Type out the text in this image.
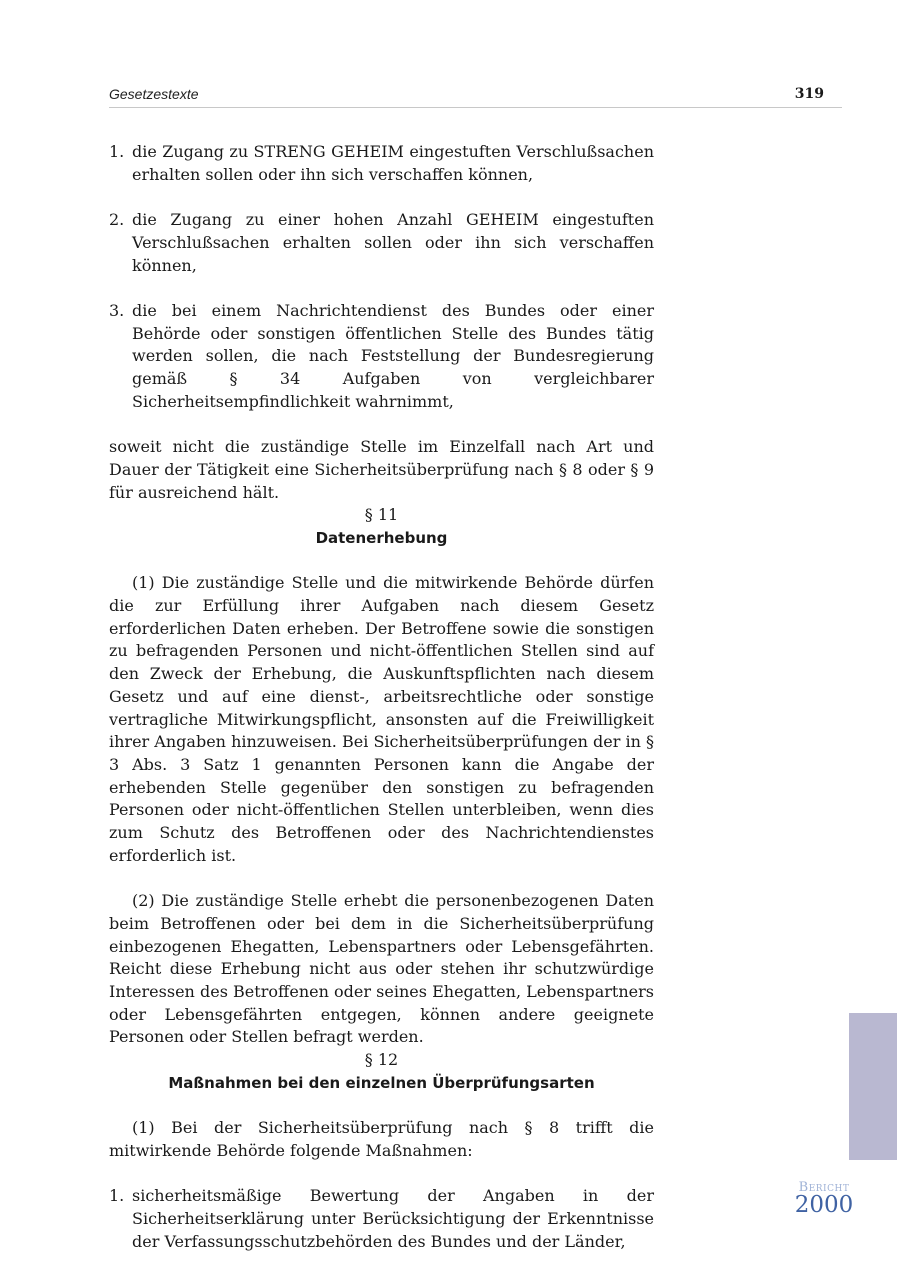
Gesetzestexte	319
1. die Zugang zu STRENG GEHEIM eingestuften Verschlußsachen erhalten sollen oder ihn sich verschaffen können,
2. die Zugang zu einer hohen Anzahl GEHEIM eingestuften Verschlußsachen erhalten sollen oder ihn sich verschaffen können,
3. die bei einem Nachrichtendienst des Bundes oder einer Behörde oder sonstigen öffentlichen Stelle des Bundes tätig werden sollen, die nach Feststellung der Bundesregierung gemäß § 34 Aufgaben von vergleichbarer Sicherheitsempfindlichkeit wahrnimmt,

soweit nicht die zuständige Stelle im Einzelfall nach Art und Dauer der Tätigkeit eine Sicherheitsüberprüfung nach § 8 oder § 9 für ausreichend hält.

§ 11

Datenerhebung

(1) Die zuständige Stelle und die mitwirkende Behörde dürfen die zur Erfüllung ihrer Aufgaben nach diesem Gesetz erforderlichen Daten erheben. Der Betroffene sowie die sonstigen zu befragenden Personen und nicht-öffentlichen Stellen sind auf den Zweck der Erhebung, die Auskunftspflichten nach diesem Gesetz und auf eine dienst-, arbeitsrechtliche oder sonstige vertragliche Mitwirkungspflicht, ansonsten auf die Freiwilligkeit ihrer Angaben hinzuweisen. Bei Sicherheitsüberprüfungen der in § 3 Abs. 3 Satz 1 genannten Personen kann die Angabe der erhebenden Stelle gegenüber den sonstigen zu befragenden Personen oder nicht-öffentlichen Stellen unterbleiben, wenn dies zum Schutz des Betroffenen oder des Nachrichtendienstes erforderlich ist.

(2) Die zuständige Stelle erhebt die personenbezogenen Daten beim Betroffenen oder bei dem in die Sicherheitsüberprüfung einbezogenen Ehegatten, Lebenspartners oder Lebensgefährten. Reicht diese Erhebung nicht aus oder stehen ihr schutzwürdige Interessen des Betroffenen oder seines Ehegatten, Lebenspartners oder Lebensgefährten entgegen, können andere geeignete Personen oder Stellen befragt werden.

§ 12

Maßnahmen bei den einzelnen Überprüfungsarten

(1) Bei der Sicherheitsüberprüfung nach § 8 trifft die mitwirkende Behörde folgende Maßnahmen:

1. sicherheitsmäßige Bewertung der Angaben in der Sicherheitserklärung unter Berücksichtigung der Erkenntnisse der Verfassungsschutzbehörden des Bundes und der Länder,
Bericht
2000
